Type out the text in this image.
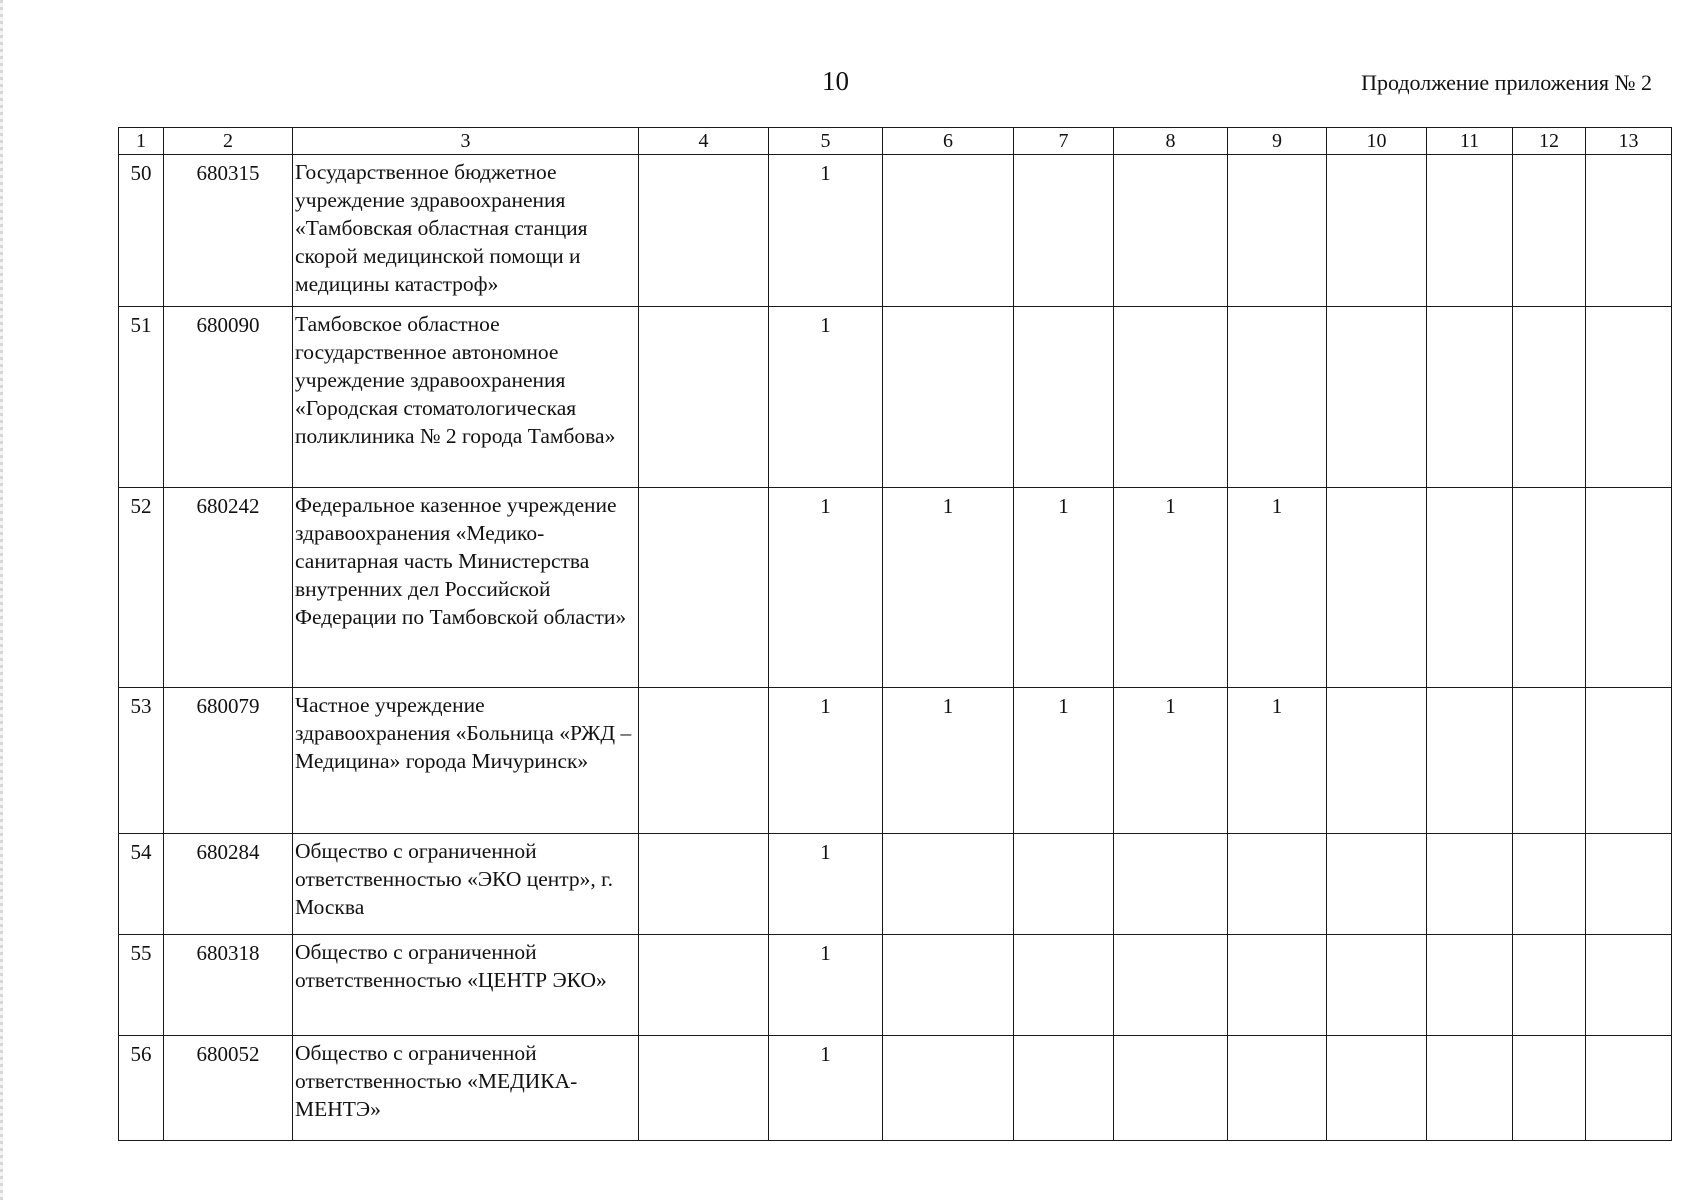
10	Продолжение приложения № 2
1	2	3	4	5	6	7	8	9	10	11	12	13
50	680315	Государственное бюджетное учреждение здравоохранения «Тамбовская областная станция скорой медицинской помощи и медицины катастроф»		1								
51	680090	Тамбовское областное государственное автономное учреждение здравоохранения «Городская стоматологическая поликлиника № 2 города Тамбова»		1								
52	680242	Федеральное казенное учреждение здравоохранения «Медико-санитарная часть Министерства внутренних дел Российской Федерации по Тамбовской области»		1	1	1	1	1				
53	680079	Частное учреждение здравоохранения «Больница «РЖД – Медицина» города Мичуринск»		1	1	1	1	1				
54	680284	Общество с ограниченной ответственностью «ЭКО центр», г. Москва		1								
55	680318	Общество с ограниченной ответственностью «ЦЕНТР ЭКО»		1								
56	680052	Общество с ограниченной ответственностью «МЕДИКА-МЕНТЭ»		1								
